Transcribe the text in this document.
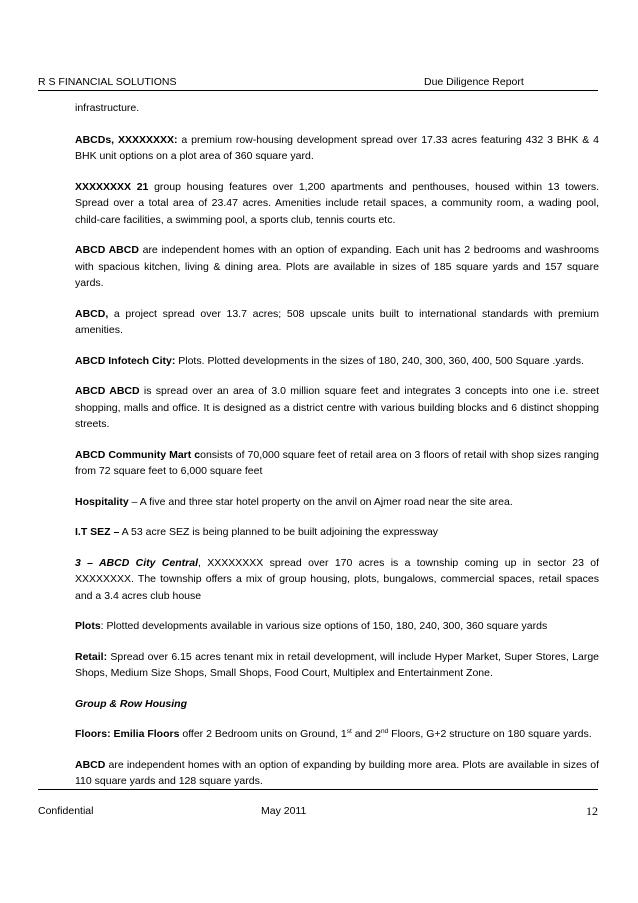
R S FINANCIAL SOLUTIONS	Due Diligence Report

infrastructure.

ABCDs, XXXXXXXX: a premium row-housing development spread over 17.33 acres featuring 432 3 BHK & 4 BHK unit options on a plot area of 360 square yard.

XXXXXXXX 21 group housing features over 1,200 apartments and penthouses, housed within 13 towers. Spread over a total area of 23.47 acres. Amenities include retail spaces, a community room, a wading pool, child-care facilities, a swimming pool, a sports club, tennis courts etc.

ABCD ABCD are independent homes with an option of expanding. Each unit has 2 bedrooms and washrooms with spacious kitchen, living & dining area. Plots are available in sizes of 185 square yards and 157 square yards.

ABCD, a project spread over 13.7 acres; 508 upscale units built to international standards with premium amenities.

ABCD Infotech City: Plots. Plotted developments in the sizes of 180, 240, 300, 360, 400, 500 Square .yards.

ABCD ABCD is spread over an area of 3.0 million square feet and integrates 3 concepts into one i.e. street shopping, malls and office. It is designed as a district centre with various building blocks and 6 distinct shopping streets.

ABCD Community Mart consists of 70,000 square feet of retail area on 3 floors of retail with shop sizes ranging from 72 square feet to 6,000 square feet

Hospitality – A five and three star hotel property on the anvil on Ajmer road near the site area.

I.T SEZ – A 53 acre SEZ is being planned to be built adjoining the expressway

3 – ABCD City Central, XXXXXXXX spread over 170 acres is a township coming up in sector 23 of XXXXXXXX. The township offers a mix of group housing, plots, bungalows, commercial spaces, retail spaces and a 3.4 acres club house

Plots: Plotted developments available in various size options of 150, 180, 240, 300, 360 square yards

Retail: Spread over 6.15 acres tenant mix in retail development, will include Hyper Market, Super Stores, Large Shops, Medium Size Shops, Small Shops, Food Court, Multiplex and Entertainment Zone.

Group & Row Housing

Floors: Emilia Floors offer 2 Bedroom units on Ground, 1st and 2nd Floors, G+2 structure on 180 square yards.

ABCD are independent homes with an option of expanding by building more area. Plots are available in sizes of 110 square yards and 128 square yards.

Confidential	May 2011	12
